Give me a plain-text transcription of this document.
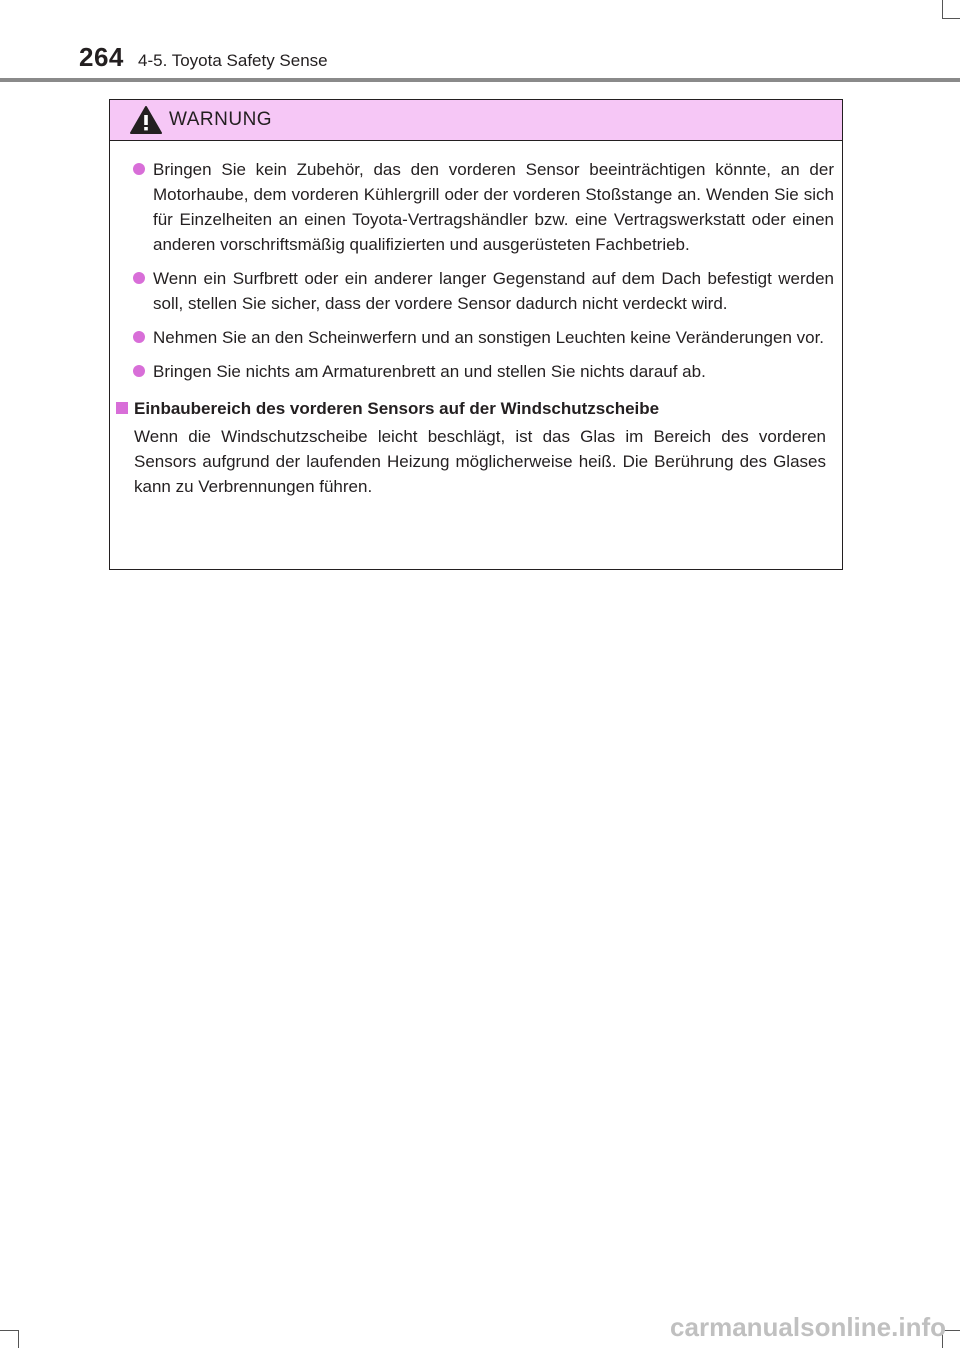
264 4-5. Toyota Safety Sense
WARNUNG
Bringen Sie kein Zubehör, das den vorderen Sensor beeinträchtigen könnte, an der Motorhaube, dem vorderen Kühlergrill oder der vorderen Stoßstange an. Wenden Sie sich für Einzelheiten an einen Toyota-Vertragshändler bzw. eine Vertragswerkstatt oder einen anderen vorschriftsmäßig qualifizierten und ausgerüsteten Fachbetrieb.
Wenn ein Surfbrett oder ein anderer langer Gegenstand auf dem Dach befestigt werden soll, stellen Sie sicher, dass der vordere Sensor dadurch nicht verdeckt wird.
Nehmen Sie an den Scheinwerfern und an sonstigen Leuchten keine Veränderungen vor.
Bringen Sie nichts am Armaturenbrett an und stellen Sie nichts darauf ab.
Einbaubereich des vorderen Sensors auf der Windschutzscheibe
Wenn die Windschutzscheibe leicht beschlägt, ist das Glas im Bereich des vorderen Sensors aufgrund der laufenden Heizung möglicherweise heiß. Die Berührung des Glases kann zu Verbrennungen führen.
carmanualsonline.info
